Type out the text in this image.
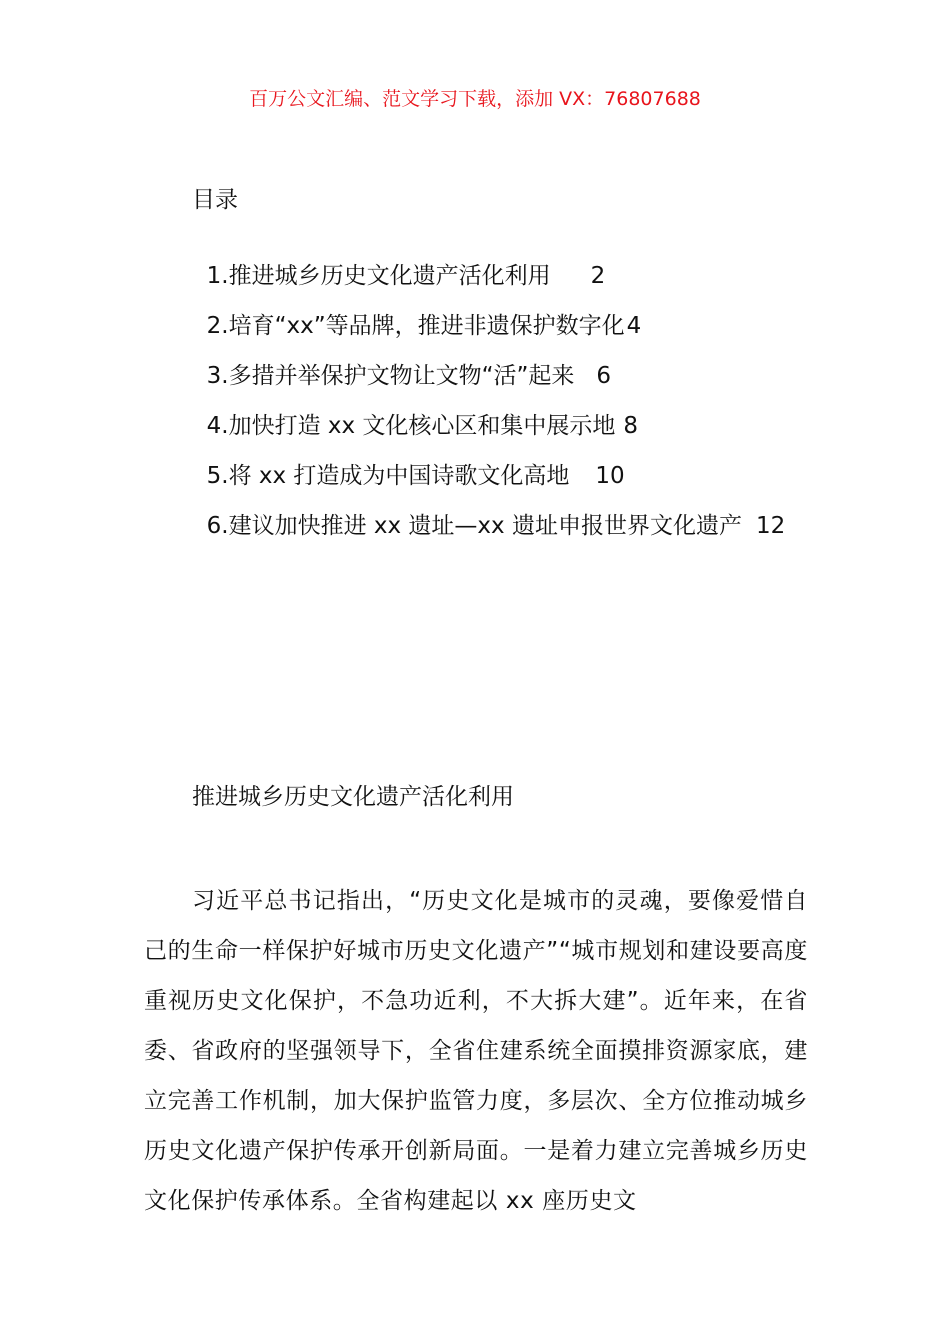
百万公文汇编、范文学习下载，添加 VX：76807688
目录

1.推进城乡历史文化遗产活化利用 2

2.培育“xx”等品牌，推进非遗保护数字化4

3.多措并举保护文物让文物“活”起来 6

4.加快打造 xx 文化核心区和集中展示地 8

5.将 xx 打造成为中国诗歌文化高地 10

6.建议加快推进 xx 遗址—xx 遗址申报世界文化遗产 12

推进城乡历史文化遗产活化利用
习近平总书记指出，“历史文化是城市的灵魂，要像爱惜自己的生命一样保护好城市历史文化遗产”“城市规划和建设要高度重视历史文化保护，不急功近利，不大拆大建”。近年来，在省委、省政府的坚强领导下，全省住建系统全面摸排资源家底，建立完善工作机制，加大保护监管力度，多层次、全方位推动城乡历史文化遗产保护传承开创新局面。一是着力建立完善城乡历史文化保护传承体系。全省构建起以 xx 座历史文
